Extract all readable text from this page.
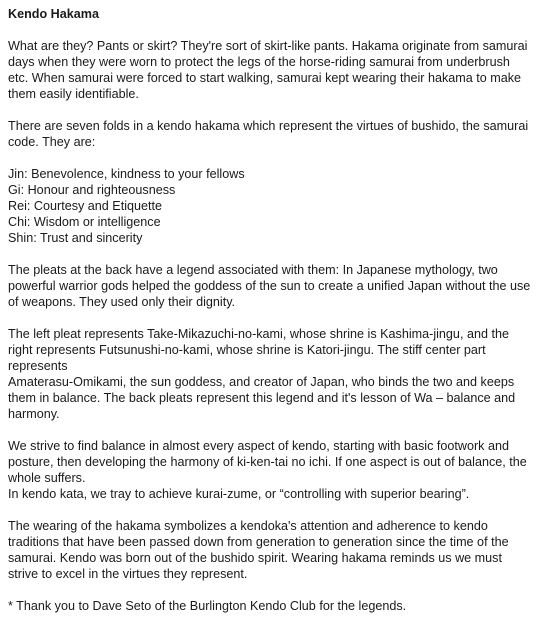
Kendo Hakama
What are they? Pants or skirt? They're sort of skirt-like pants. Hakama originate from samurai
days when they were worn to protect the legs of the horse-riding samurai from underbrush
etc. When samurai were forced to start walking, samurai kept wearing their hakama to make
them easily identifiable.
There are seven folds in a kendo hakama which represent the virtues of bushido, the samurai
code. They are:
Jin: Benevolence, kindness to your fellows
Gi: Honour and righteousness
Rei: Courtesy and Etiquette
Chi: Wisdom or intelligence
Shin: Trust and sincerity
The pleats at the back have a legend associated with them: In Japanese mythology, two
powerful warrior gods helped the goddess of the sun to create a unified Japan without the use
of weapons. They used only their dignity.
The left pleat represents Take-Mikazuchi-no-kami, whose shrine is Kashima-jingu, and the
right represents Futsunushi-no-kami, whose shrine is Katori-jingu. The stiff center part
represents
Amaterasu-Omikami, the sun goddess, and creator of Japan, who binds the two and keeps
them in balance. The back pleats represent this legend and it's lesson of Wa – balance and
harmony.
We strive to find balance in almost every aspect of kendo, starting with basic footwork and
posture, then developing the harmony of ki-ken-tai no ichi. If one aspect is out of balance, the
whole suffers.
In kendo kata, we tray to achieve kurai-zume, or “controlling with superior bearing”.
The wearing of the hakama symbolizes a kendoka's attention and adherence to kendo
traditions that have been passed down from generation to generation since the time of the
samurai. Kendo was born out of the bushido spirit. Wearing hakama reminds us we must
strive to excel in the virtues they represent.
* Thank you to Dave Seto of the Burlington Kendo Club for the legends.
